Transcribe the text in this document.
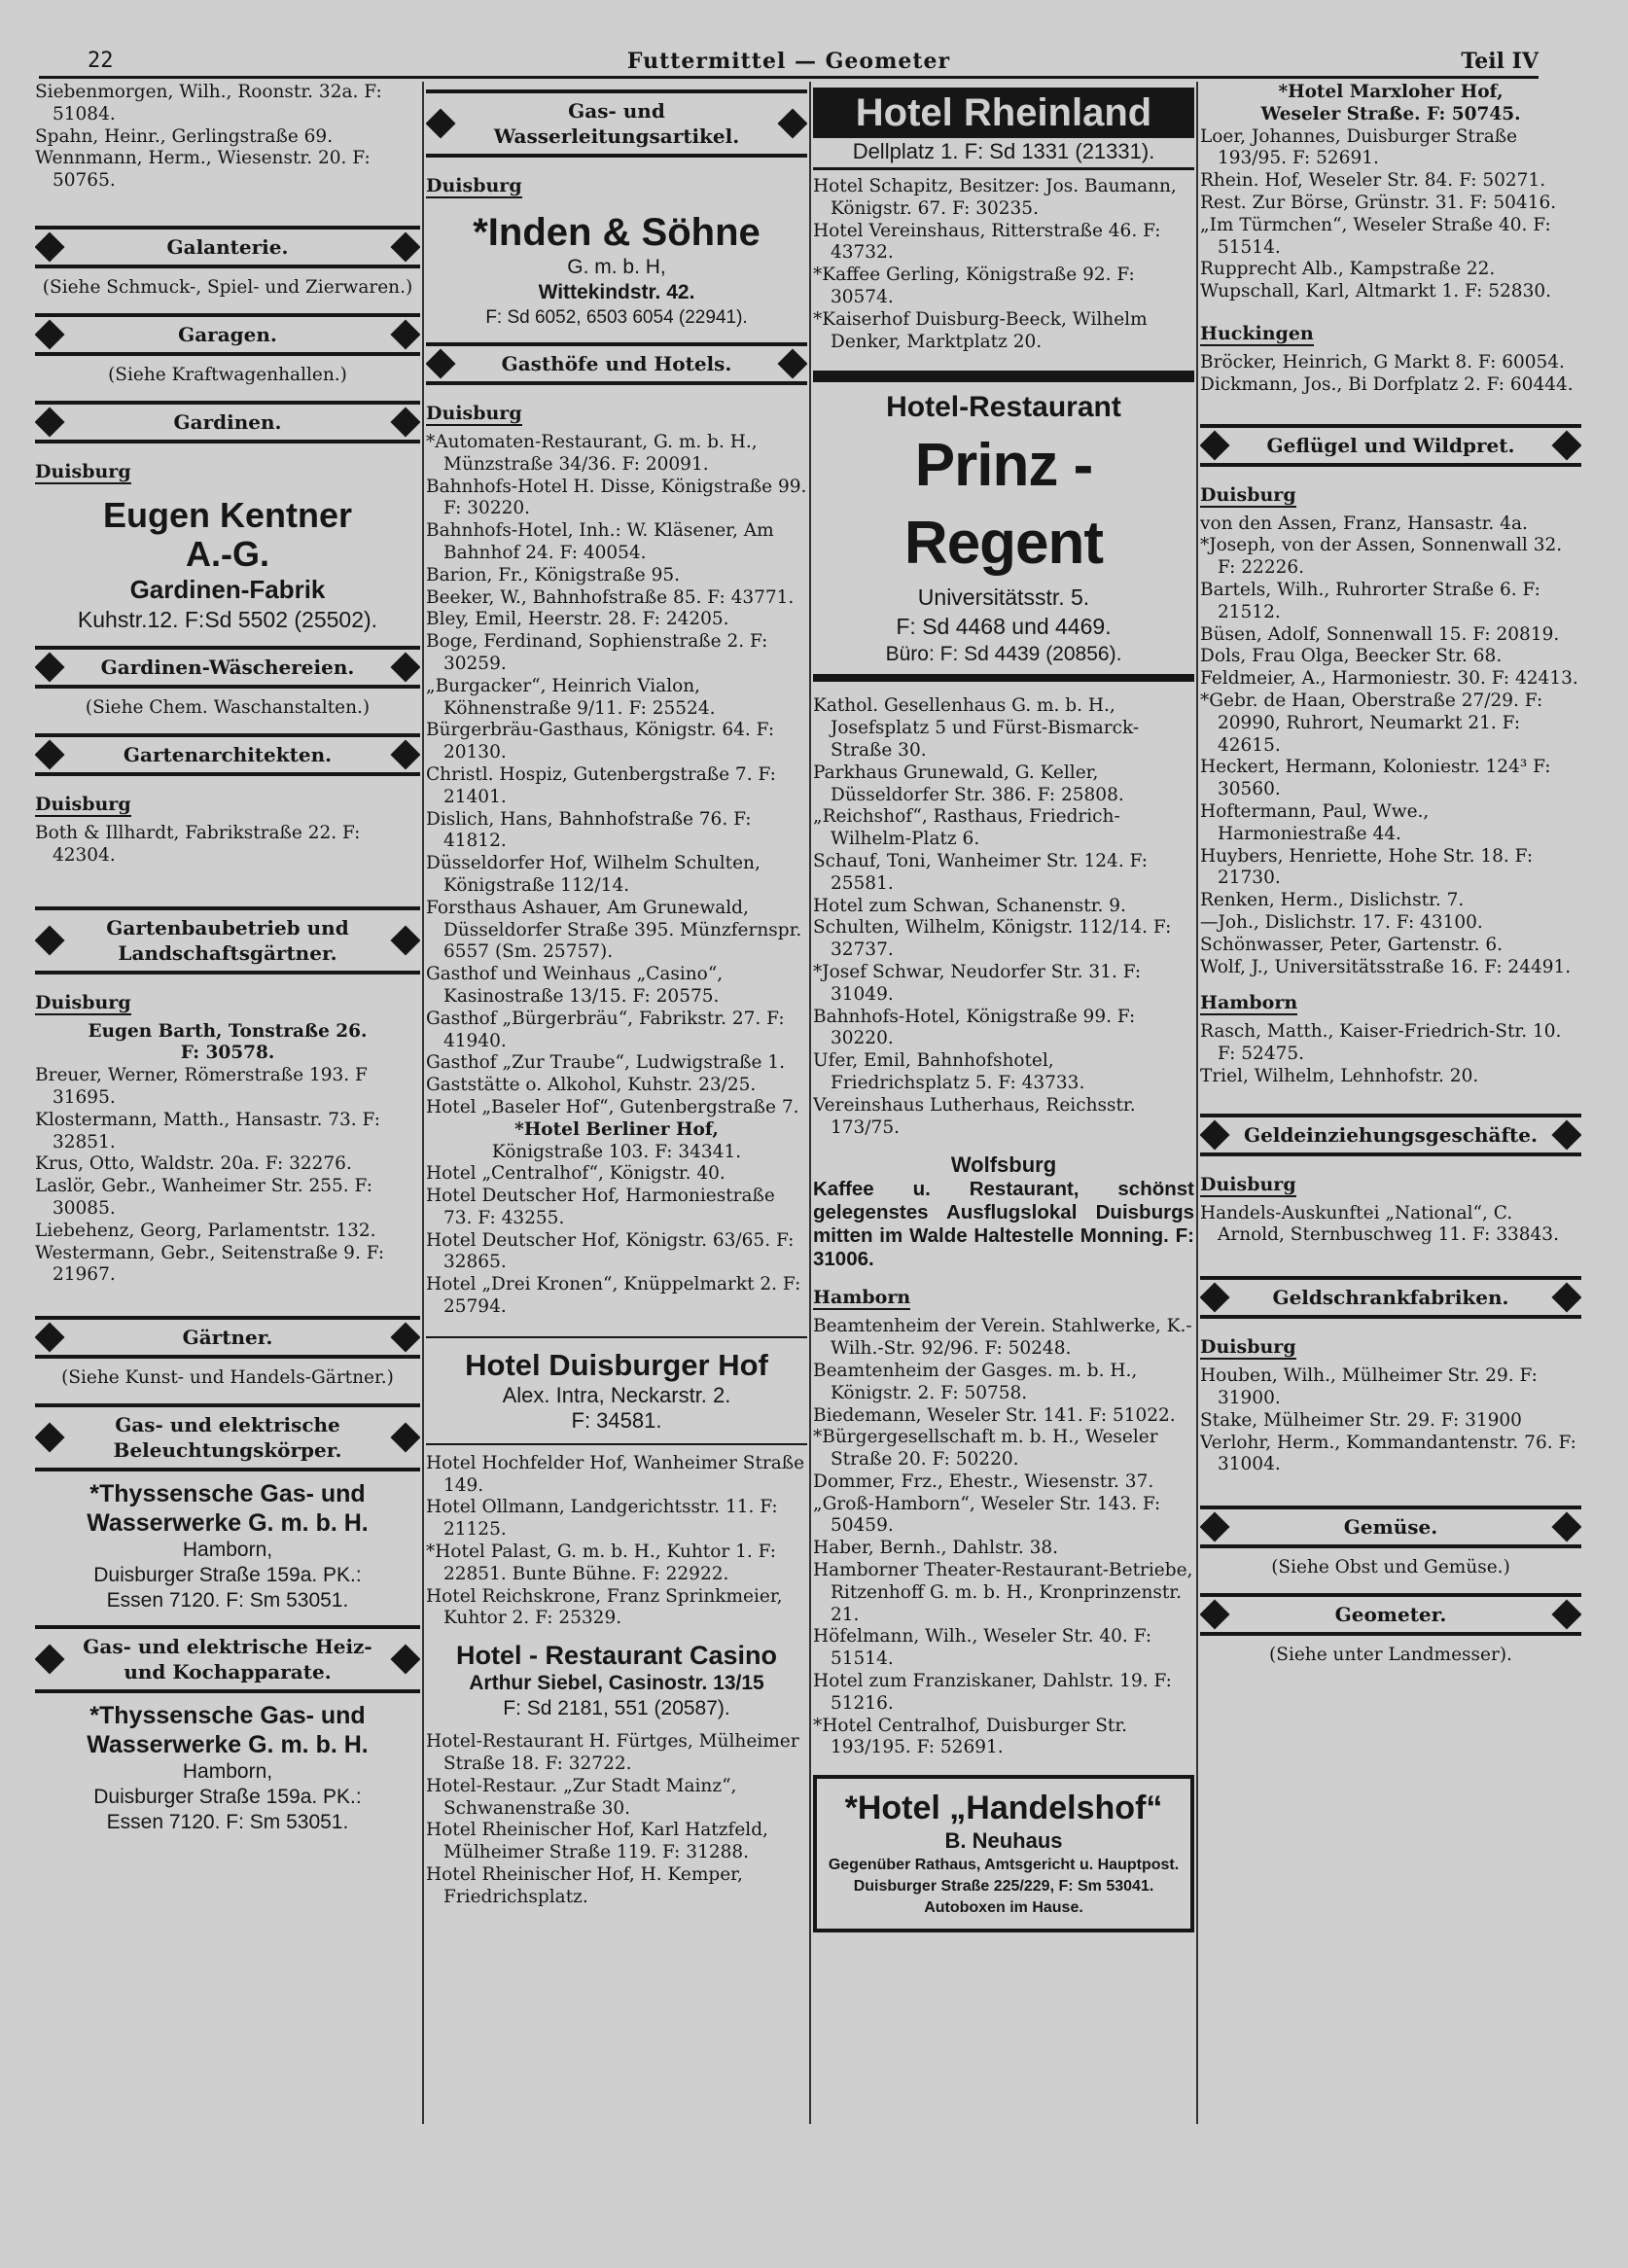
22	Futtermittel — Geometer	Teil IV

Siebenmorgen, Wilh., Roonstr. 32a. F: 51084.

Spahn, Heinr., Gerlingstraße 69.

Wennmann, Herm., Wiesenstr. 20. F: 50765.

Galanterie.
(Siehe Schmuck-, Spiel- und Zierwaren.)
Garagen.
(Siehe Kraftwagenhallen.)
Gardinen.
Duisburg
Eugen Kentner
A.-G.
Gardinen-Fabrik
Kuhstr.12. F:Sd 5502 (25502).
Gardinen-Wäschereien.
(Siehe Chem. Waschanstalten.)
Gartenarchitekten.
Duisburg

Both & Illhardt, Fabrikstraße 22. F: 42304.

Gartenbaubetrieb und Landschaftsgärtner.
Duisburg

Eugen Barth, Tonstraße 26.

F: 30578.

Breuer, Werner, Römerstraße 193. F 31695.

Klostermann, Matth., Hansastr. 73. F: 32851.

Krus, Otto, Waldstr. 20a. F: 32276.

Laslör, Gebr., Wanheimer Str. 255. F: 30085.

Liebehenz, Georg, Parlamentstr. 132.

Westermann, Gebr., Seitenstraße 9. F: 21967.

Gärtner.
(Siehe Kunst- und Handels-Gärtner.)
Gas- und elektrische Beleuchtungskörper.
*Thyssensche Gas- und
Wasserwerke G. m. b. H.
Hamborn,
Duisburger Straße 159a. PK.:
Essen 7120. F: Sm 53051.
Gas- und elektrische Heiz- und Kochapparate.
*Thyssensche Gas- und
Wasserwerke G. m. b. H.
Hamborn,
Duisburger Straße 159a. PK.:
Essen 7120. F: Sm 53051.
Gas- und Wasserleitungsartikel.
Duisburg
*Inden & Söhne
G. m. b. H,
Wittekindstr. 42.
F: Sd 6052, 6503 6054 (22941).
Gasthöfe und Hotels.
Duisburg

*Automaten-Restaurant, G. m. b. H., Münzstraße 34/36. F: 20091.

Bahnhofs-Hotel H. Disse, Königstraße 99. F: 30220.

Bahnhofs-Hotel, Inh.: W. Kläsener, Am Bahnhof 24. F: 40054.

Barion, Fr., Königstraße 95.

Beeker, W., Bahnhofstraße 85. F: 43771.

Bley, Emil, Heerstr. 28. F: 24205.

Boge, Ferdinand, Sophienstraße 2. F: 30259.

„Burgacker“, Heinrich Vialon, Köhnenstraße 9/11. F: 25524.

Bürgerbräu-Gasthaus, Königstr. 64. F: 20130.

Christl. Hospiz, Gutenbergstraße 7. F: 21401.

Dislich, Hans, Bahnhofstraße 76. F: 41812.

Düsseldorfer Hof, Wilhelm Schulten, Königstraße 112/14.

Forsthaus Ashauer, Am Grunewald, Düsseldorfer Straße 395. Münzfernspr. 6557 (Sm. 25757).

Gasthof und Weinhaus „Casino“, Kasinostraße 13/15. F: 20575.

Gasthof „Bürgerbräu“, Fabrikstr. 27. F: 41940.

Gasthof „Zur Traube“, Ludwigstraße 1.

Gaststätte o. Alkohol, Kuhstr. 23/25.

Hotel „Baseler Hof“, Gutenbergstraße 7.

*Hotel Berliner Hof,

Königstraße 103. F: 34341.

Hotel „Centralhof“, Königstr. 40.

Hotel Deutscher Hof, Harmoniestraße 73. F: 43255.

Hotel Deutscher Hof, Königstr. 63/65. F: 32865.

Hotel „Drei Kronen“, Knüppelmarkt 2. F: 25794.

Hotel Duisburger Hof
Alex. Intra, Neckarstr. 2.
F: 34581.

Hotel Hochfelder Hof, Wanheimer Straße 149.

Hotel Ollmann, Landgerichtsstr. 11. F: 21125.

*Hotel Palast, G. m. b. H., Kuhtor 1. F: 22851. Bunte Bühne. F: 22922.

Hotel Reichskrone, Franz Sprinkmeier, Kuhtor 2. F: 25329.

Hotel - Restaurant Casino
Arthur Siebel, Casinostr. 13/15
F: Sd 2181, 551 (20587).

Hotel-Restaurant H. Fürtges, Mülheimer Straße 18. F: 32722.

Hotel-Restaur. „Zur Stadt Mainz“, Schwanenstraße 30.

Hotel Rheinischer Hof, Karl Hatzfeld, Mülheimer Straße 119. F: 31288.

Hotel Rheinischer Hof, H. Kemper, Friedrichsplatz.

Hotel Rheinland
Dellplatz 1. F: Sd 1331 (21331).

Hotel Schapitz, Besitzer: Jos. Baumann, Königstr. 67. F: 30235.

Hotel Vereinshaus, Ritterstraße 46. F: 43732.

*Kaffee Gerling, Königstraße 92. F: 30574.

*Kaiserhof Duisburg-Beeck, Wilhelm Denker, Marktplatz 20.

Hotel-Restaurant
Prinz - Regent
Universitätsstr. 5.
F: Sd 4468 und 4469.
Büro: F: Sd 4439 (20856).

Kathol. Gesellenhaus G. m. b. H., Josefsplatz 5 und Fürst-Bismarck-Straße 30.

Parkhaus Grunewald, G. Keller, Düsseldorfer Str. 386. F: 25808.

„Reichshof“, Rasthaus, Friedrich-Wilhelm-Platz 6.

Schauf, Toni, Wanheimer Str. 124. F: 25581.

Hotel zum Schwan, Schanenstr. 9.

Schulten, Wilhelm, Königstr. 112/14. F: 32737.

*Josef Schwar, Neudorfer Str. 31. F: 31049.

Bahnhofs-Hotel, Königstraße 99. F: 30220.

Ufer, Emil, Bahnhofshotel, Friedrichsplatz 5. F: 43733.

Vereinshaus Lutherhaus, Reichsstr. 173/75.

Wolfsburg
Kaffee u. Restaurant, schönst gelegenstes Ausflugslokal Duisburgs mitten im Walde Haltestelle Monning. F: 31006.
Hamborn

Beamtenheim der Verein. Stahlwerke, K.-Wilh.-Str. 92/96. F: 50248.

Beamtenheim der Gasges. m. b. H., Königstr. 2. F: 50758.

Biedemann, Weseler Str. 141. F: 51022.

*Bürgergesellschaft m. b. H., Weseler Straße 20. F: 50220.

Dommer, Frz., Ehestr., Wiesenstr. 37.

„Groß-Hamborn“, Weseler Str. 143. F: 50459.

Haber, Bernh., Dahlstr. 38.

Hamborner Theater-Restaurant-Betriebe, Ritzenhoff G. m. b. H., Kronprinzenstr. 21.

Höfelmann, Wilh., Weseler Str. 40. F: 51514.

Hotel zum Franziskaner, Dahlstr. 19. F: 51216.

*Hotel Centralhof, Duisburger Str. 193/195. F: 52691.

*Hotel „Handelshof“
B. Neuhaus
Gegenüber Rathaus, Amtsgericht u. Hauptpost. Duisburger Straße 225/229, F: Sm 53041. Autoboxen im Hause.

*Hotel Marxloher Hof,

Weseler Straße. F: 50745.

Loer, Johannes, Duisburger Straße 193/95. F: 52691.

Rhein. Hof, Weseler Str. 84. F: 50271.

Rest. Zur Börse, Grünstr. 31. F: 50416.

„Im Türmchen“, Weseler Straße 40. F: 51514.

Rupprecht Alb., Kampstraße 22.

Wupschall, Karl, Altmarkt 1. F: 52830.

Huckingen

Bröcker, Heinrich, G Markt 8. F: 60054.

Dickmann, Jos., Bi Dorfplatz 2. F: 60444.

Geflügel und Wildpret.
Duisburg

von den Assen, Franz, Hansastr. 4a.

*Joseph, von der Assen, Sonnenwall 32. F: 22226.

Bartels, Wilh., Ruhrorter Straße 6. F: 21512.

Büsen, Adolf, Sonnenwall 15. F: 20819.

Dols, Frau Olga, Beecker Str. 68.

Feldmeier, A., Harmoniestr. 30. F: 42413.

*Gebr. de Haan, Oberstraße 27/29. F: 20990, Ruhrort, Neumarkt 21. F: 42615.

Heckert, Hermann, Koloniestr. 124³ F: 30560.

Hoftermann, Paul, Wwe., Harmoniestraße 44.

Huybers, Henriette, Hohe Str. 18. F: 21730.

Renken, Herm., Dislichstr. 7.

—Joh., Dislichstr. 17. F: 43100.

Schönwasser, Peter, Gartenstr. 6.

Wolf, J., Universitätsstraße 16. F: 24491.

Hamborn

Rasch, Matth., Kaiser-Friedrich-Str. 10. F: 52475.

Triel, Wilhelm, Lehnhofstr. 20.

Geldeinziehungsgeschäfte.
Duisburg

Handels-Auskunftei „National“, C. Arnold, Sternbuschweg 11. F: 33843.

Geldschrankfabriken.
Duisburg

Houben, Wilh., Mülheimer Str. 29. F: 31900.

Stake, Mülheimer Str. 29. F: 31900

Verlohr, Herm., Kommandantenstr. 76. F: 31004.

Gemüse.
(Siehe Obst und Gemüse.)
Geometer.
(Siehe unter Landmesser).
